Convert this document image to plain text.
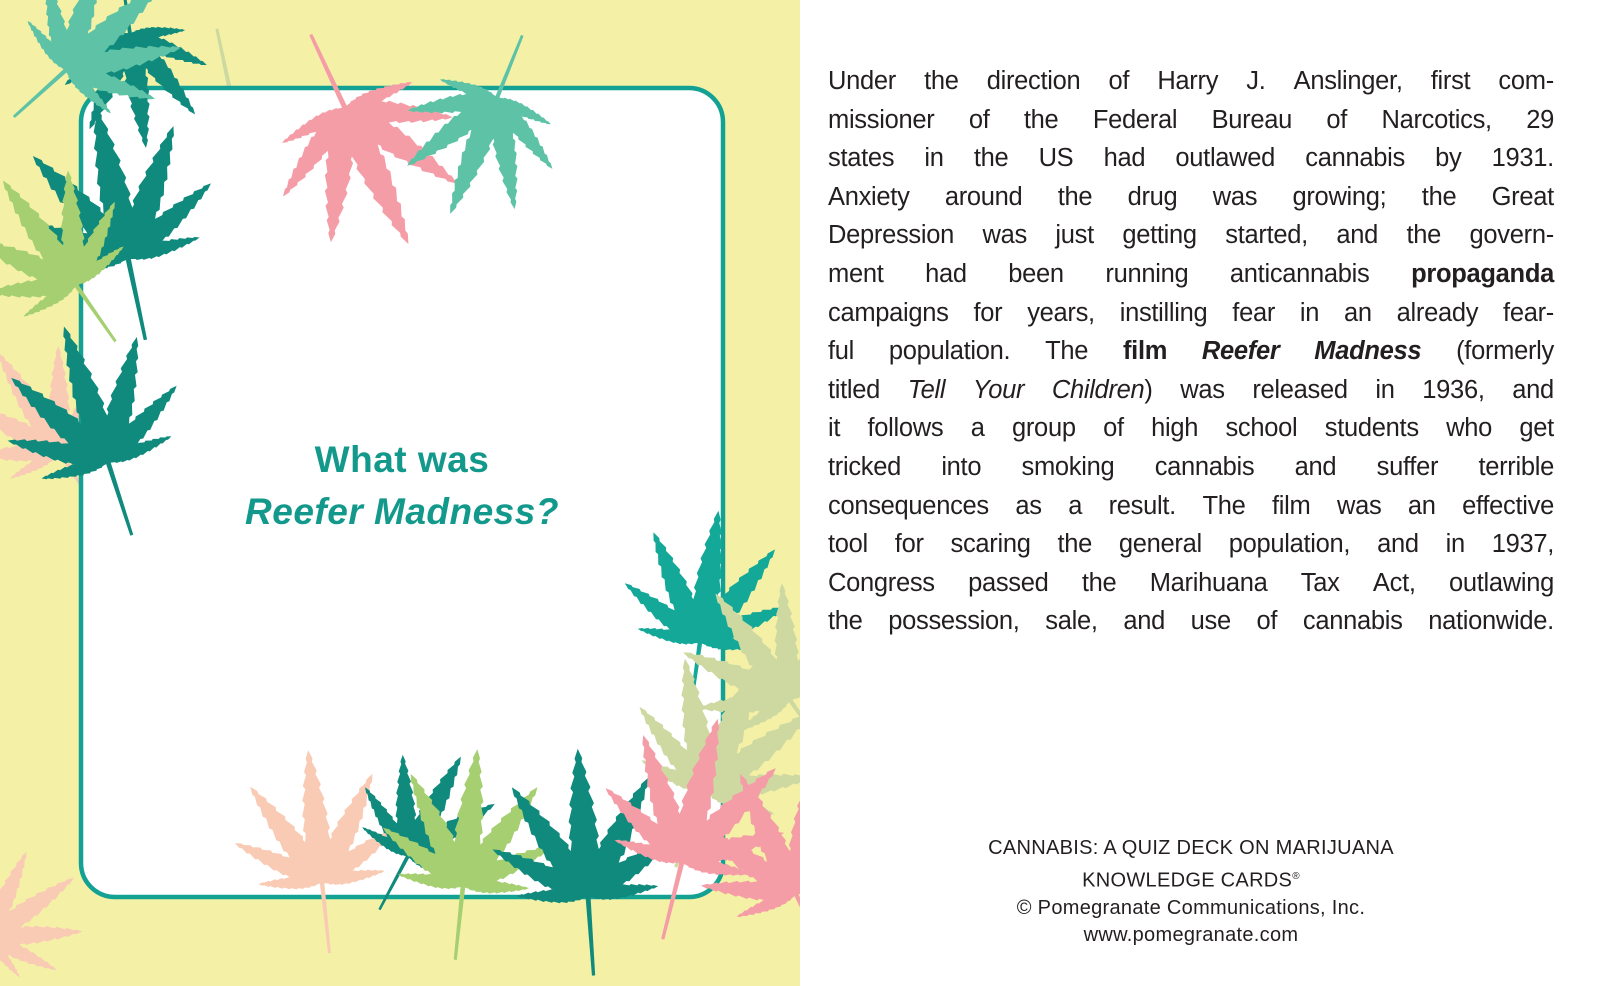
What was
Reefer Madness?
Under the direction of Harry J. Anslinger, first com-
missioner of the Federal Bureau of Narcotics, 29
states in the US had outlawed cannabis by 1931.
Anxiety around the drug was growing; the Great
Depression was just getting started, and the govern-
ment had been running anticannabis propaganda
campaigns for years, instilling fear in an already fear-
ful population. The film Reefer Madness (formerly
titled Tell Your Children) was released in 1936, and
it follows a group of high school students who get
tricked into smoking cannabis and suffer terrible
consequences as a result. The film was an effective
tool for scaring the general population, and in 1937,
Congress passed the Marihuana Tax Act, outlawing
the possession, sale, and use of cannabis nationwide.
CANNABIS: A QUIZ DECK ON MARIJUANA
KNOWLEDGE CARDS®
© Pomegranate Communications, Inc.
www.pomegranate.com
